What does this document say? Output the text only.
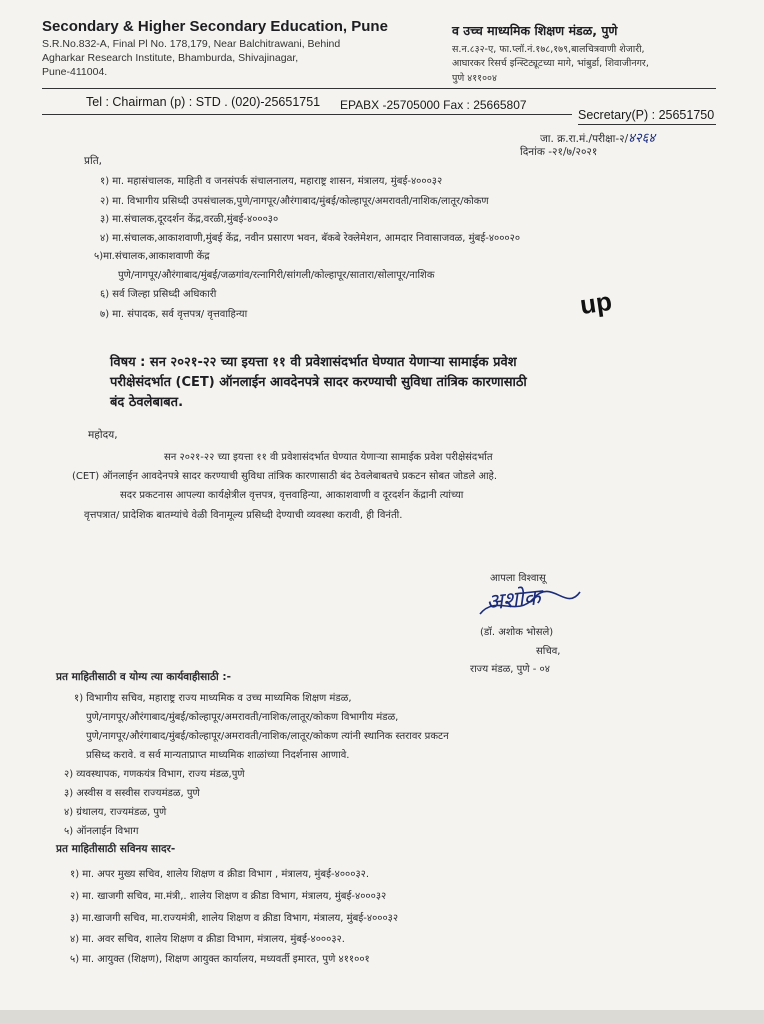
Secondary & Higher Secondary Education, Pune
S.R.No.832-A, Final Pl No. 178,179, Near Balchitrawani, Behind
Agharkar Research Institute, Bhamburda, Shivajinagar,
Pune-411004.
व उच्च माध्यमिक शिक्षण मंडळ, पुणे
स.न.८३२-ए, फा.प्लॉ.नं.१७८,१७९,बालचित्रवाणी शेजारी,
आघारकर रिसर्च इन्स्टिट्यूटच्या मागे, भांबुर्डा, शिवाजीनगर,
पुणे ४११००४
Tel : Chairman (p) : STD . (020)-25651751 EPABX -25705000 Fax : 25665807
Secretary(P) : 25651750
जा. क्र.रा.मं./परीक्षा-२/४२६४
दिनांक -२१/७/२०२१
प्रति,
१) मा. महासंचालक, माहिती व जनसंपर्क संचालनालय, महाराष्ट्र शासन, मंत्रालय, मुंबई-४०००३२
२) मा. विभागीय प्रसिध्दी उपसंचालक,पुणे/नागपूर/औरंगाबाद/मुंबई/कोल्हापूर/अमरावती/नाशिक/लातूर/कोकण
३) मा.संचालक,दूरदर्शन केंद्र,वरळी,मुंबई-४०००३०
४) मा.संचालक,आकाशवाणी,मुंबई केंद्र, नवीन प्रसारण भवन, बॅकबे रेक्लेमेशन, आमदार निवासाजवळ, मुंबई-४०००२०
५)मा.संचालक,आकाशवाणी केंद्र
पुणे/नागपूर/औरंगाबाद/मुंबई/जळगांव/रत्नागिरी/सांगली/कोल्हापूर/सातारा/सोलापूर/नाशिक
६) सर्व जिल्हा प्रसिध्दी अधिकारी
७) मा. संपादक, सर्व वृत्तपत्र/ वृत्तवाहिन्या	up
विषय : सन २०२१-२२ च्या इयत्ता ११ वी प्रवेशासंदर्भात घेण्यात येणाऱ्या सामाईक प्रवेश
परीक्षेसंदर्भात (CET) ऑनलाईन आवदेनपत्रे सादर करण्याची सुविधा तांत्रिक कारणासाठी
बंद ठेवलेबाबत.
महोदय,
सन २०२१-२२ च्या इयत्ता ११ वी प्रवेशासंदर्भात घेण्यात येणाऱ्या सामाईक प्रवेश परीक्षेसंदर्भात
(CET) ऑनलाईन आवदेनपत्रे सादर करण्याची सुविधा तांत्रिक कारणासाठी बंद ठेवलेबाबतचे प्रकटन सोबत जोडले आहे.
सदर प्रकटनास आपल्या कार्यक्षेत्रील वृत्तपत्र, वृत्तवाहिन्या, आकाशवाणी व दूरदर्शन केंद्रानी त्यांच्या
वृत्तपत्रात/ प्रादेशिक बातम्यांचे वेळी विनामूल्य प्रसिध्दी देण्याची व्यवस्था करावी, ही विनंती.
आपला विश्वासू
अशोक
(डॉ. अशोक भोसले)
सचिव,
राज्य मंडळ, पुणे - ०४
प्रत माहितीसाठी व योग्य त्या कार्यवाहीसाठी :-
१) विभागीय सचिव, महाराष्ट्र राज्य माध्यमिक व उच्च माध्यमिक शिक्षण मंडळ,
पुणे/नागपूर/औरंगाबाद/मुंबई/कोल्हापूर/अमरावती/नाशिक/लातूर/कोकण विभागीय मंडळ,
पुणे/नागपूर/औरंगाबाद/मुंबई/कोल्हापूर/अमरावती/नाशिक/लातूर/कोकण त्यांनी स्थानिक स्तरावर प्रकटन
प्रसिध्द करावे. व सर्व मान्यताप्राप्त माध्यमिक शाळांच्या निदर्शनास आणावे.
२) व्यवस्थापक, गणकयंत्र विभाग, राज्य मंडळ,पुणे
३) अस्वीस व सस्वीस राज्यमंडळ, पुणे
४) ग्रंथालय, राज्यमंडळ, पुणे
५) ऑनलाईन विभाग
प्रत माहितीसाठी सविनय सादर-
१) मा. अपर मुख्य सचिव, शालेय शिक्षण व क्रीडा विभाग , मंत्रालय, मुंबई-४०००३२.
२) मा. खाजगी सचिव, मा.मंत्री,. शालेय शिक्षण व क्रीडा विभाग, मंत्रालय, मुंबई-४०००३२
३) मा.खाजगी सचिव, मा.राज्यमंत्री, शालेय शिक्षण व क्रीडा विभाग, मंत्रालय, मुंबई-४०००३२
४) मा. अवर सचिव, शालेय शिक्षण व क्रीडा विभाग, मंत्रालय, मुंबई-४०००३२.
५) मा. आयुक्त (शिक्षण), शिक्षण आयुक्त कार्यालय, मध्यवर्ती इमारत, पुणे ४११००१
